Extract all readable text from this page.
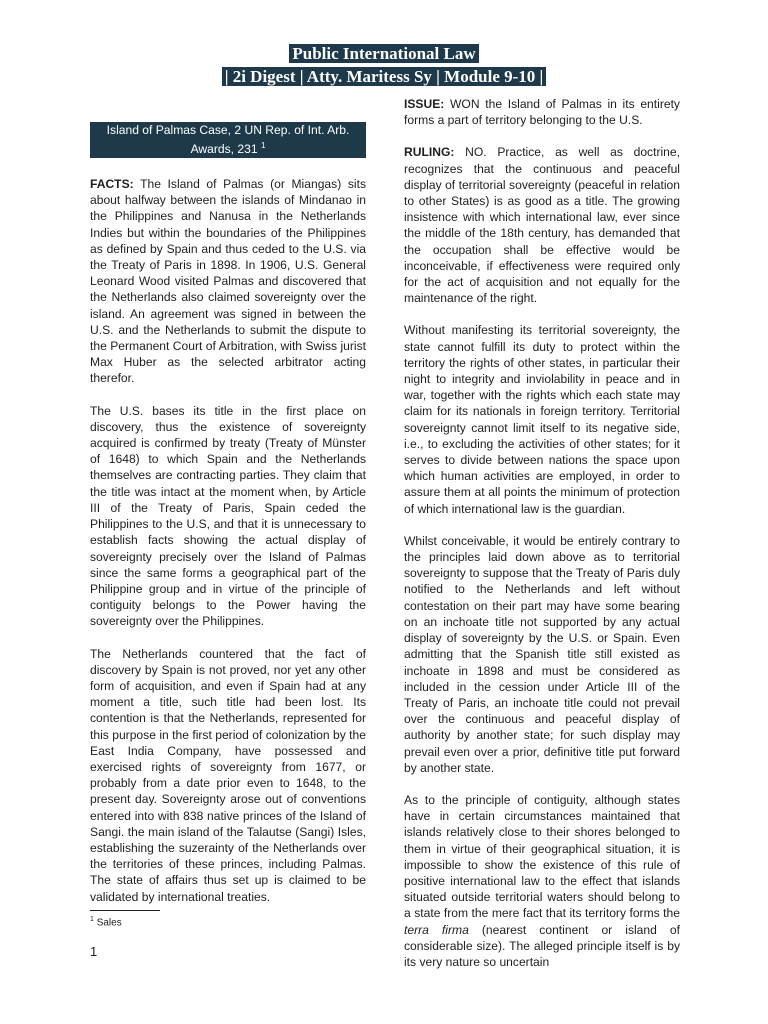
Public International Law
| 2i Digest | Atty. Maritess Sy | Module 9-10 |
Island of Palmas Case, 2 UN Rep. of Int. Arb. Awards, 231 $^1$

FACTS: The Island of Palmas (or Miangas) sits about halfway between the islands of Mindanao in the Philippines and Nanusa in the Netherlands Indies but within the boundaries of the Philippines as defined by Spain and thus ceded to the U.S. via the Treaty of Paris in 1898. In 1906, U.S. General Leonard Wood visited Palmas and discovered that the Netherlands also claimed sovereignty over the island. An agreement was signed in between the U.S. and the Netherlands to submit the dispute to the Permanent Court of Arbitration, with Swiss jurist Max Huber as the selected arbitrator acting therefor.

The U.S. bases its title in the first place on discovery, thus the existence of sovereignty acquired is confirmed by treaty (Treaty of Münster of 1648) to which Spain and the Netherlands themselves are contracting parties. They claim that the title was intact at the moment when, by Article III of the Treaty of Paris, Spain ceded the Philippines to the U.S, and that it is unnecessary to establish facts showing the actual display of sovereignty precisely over the Island of Palmas since the same forms a geographical part of the Philippine group and in virtue of the principle of contiguity belongs to the Power having the sovereignty over the Philippines.

The Netherlands countered that the fact of discovery by Spain is not proved, nor yet any other form of acquisition, and even if Spain had at any moment a title, such title had been lost. Its contention is that the Netherlands, represented for this purpose in the first period of colonization by the East India Company, have possessed and exercised rights of sovereignty from 1677, or probably from a date prior even to 1648, to the present day. Sovereignty arose out of conventions entered into with 838 native princes of the Island of Sangi. the main island of the Talautse (Sangi) Isles, establishing the suzerainty of the Netherlands over the territories of these princes, including Palmas. The state of affairs thus set up is claimed to be validated by international treaties.

ISSUE: WON the Island of Palmas in its entirety forms a part of territory belonging to the U.S.

RULING: NO. Practice, as well as doctrine, recognizes that the continuous and peaceful display of territorial sovereignty (peaceful in relation to other States) is as good as a title. The growing insistence with which international law, ever since the middle of the 18th century, has demanded that the occupation shall be effective would be inconceivable, if effectiveness were required only for the act of acquisition and not equally for the maintenance of the right.

Without manifesting its territorial sovereignty, the state cannot fulfill its duty to protect within the territory the rights of other states, in particular their night to integrity and inviolability in peace and in war, together with the rights which each state may claim for its nationals in foreign territory. Territorial sovereignty cannot limit itself to its negative side, i.e., to excluding the activities of other states; for it serves to divide between nations the space upon which human activities are employed, in order to assure them at all points the minimum of protection of which international law is the guardian.

Whilst conceivable, it would be entirely contrary to the principles laid down above as to territorial sovereignty to suppose that the Treaty of Paris duly notified to the Netherlands and left without contestation on their part may have some bearing on an inchoate title not supported by any actual display of sovereignty by the U.S. or Spain. Even admitting that the Spanish title still existed as inchoate in 1898 and must be considered as included in the cession under Article III of the Treaty of Paris, an inchoate title could not prevail over the continuous and peaceful display of authority by another state; for such display may prevail even over a prior, definitive title put forward by another state.

As to the principle of contiguity, although states have in certain circumstances maintained that islands relatively close to their shores belonged to them in virtue of their geographical situation, it is impossible to show the existence of this rule of positive international law to the effect that islands situated outside territorial waters should belong to a state from the mere fact that its territory forms the terra firma (nearest continent or island of considerable size). The alleged principle itself is by its very nature so uncertain

$^1$ Sales
1
